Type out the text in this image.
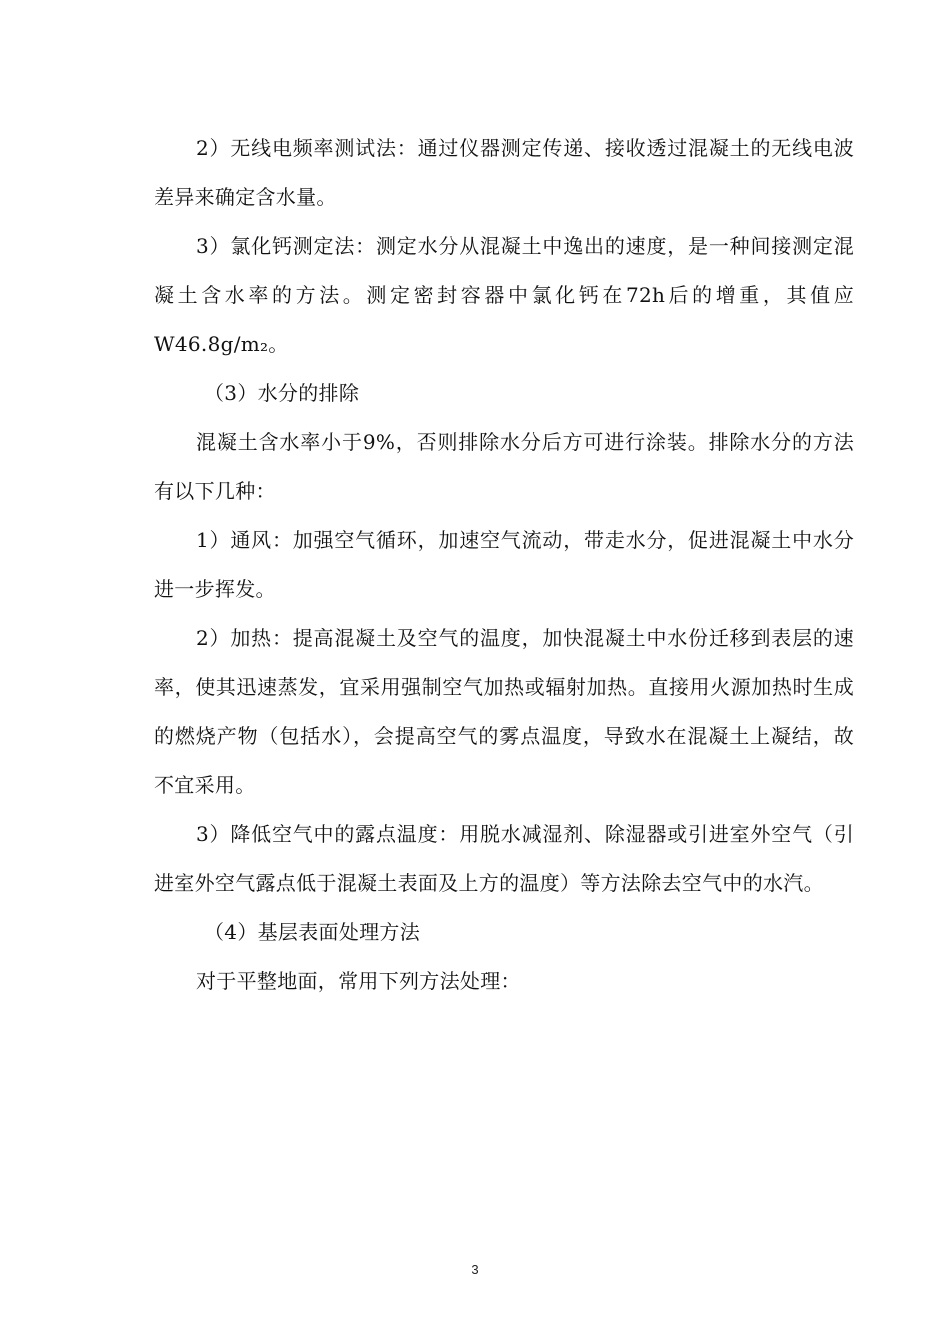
2）无线电频率测试法：通过仪器测定传递、接收透过混凝土的无线电波差异来确定含水量。

3）氯化钙测定法：测定水分从混凝土中逸出的速度，是一种间接测定混凝土含水率的方法。测定密封容器中氯化钙在72h后的增重，其值应W46.8g/m₂。

（3）水分的排除

混凝土含水率小于9%，否则排除水分后方可进行涂装。排除水分的方法有以下几种：

1）通风：加强空气循环，加速空气流动，带走水分，促进混凝土中水分进一步挥发。

2）加热：提高混凝土及空气的温度，加快混凝土中水份迁移到表层的速率，使其迅速蒸发，宜采用强制空气加热或辐射加热。直接用火源加热时生成的燃烧产物（包括水），会提高空气的雾点温度，导致水在混凝土上凝结，故不宜采用。

3）降低空气中的露点温度：用脱水减湿剂、除湿器或引进室外空气（引进室外空气露点低于混凝土表面及上方的温度）等方法除去空气中的水汽。

（4）基层表面处理方法

对于平整地面，常用下列方法处理：

3
